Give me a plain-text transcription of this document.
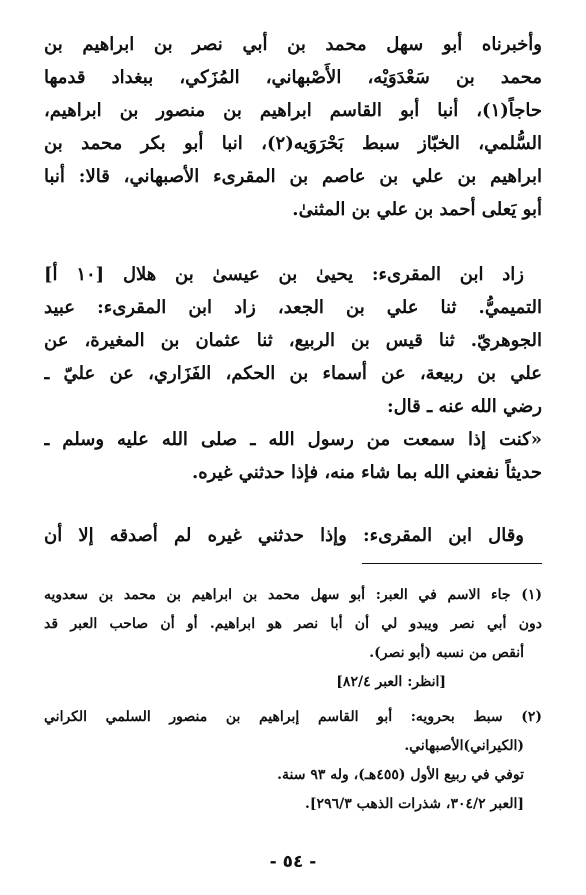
وأخبرناه أبو سهل محمد بن أبي نصر بن ابراهيم بن
محمد بن سَعْدَوَيْه، الأَصْبهاني، المُزَكي، ببغداد قدمها
حاجاً(١)، أنبا أبو القاسم ابراهيم بن منصور بن ابراهيم،
السُّلمي، الخبّاز سبط بَحْرَوَيه(٢)، انبا أبو بكر محمد بن
ابراهيم بن علي بن عاصم بن المقرىء الأصبهاني، قالا: أنبا
أبو يَعلى أحمد بن علي بن المثنىٰ.
زاد ابن المقرىء: يحيىٰ بن عيسىٰ بن هلال [١٠ أ]
التميميُّ. ثنا علي بن الجعد، زاد ابن المقرىء: عبيد
الجوهريّ. ثنا قيس بن الربيع، ثنا عثمان بن المغيرة، عن
علي بن ربيعة، عن أسماء بن الحكم، الفَزَاري، عن عليّ ـ
رضي الله عنه ـ قال:
«كنت إذا سمعت من رسول الله ـ صلى الله عليه وسلم ـ
حديثاً نفعني الله بما شاء منه، فإذا حدثني غيره.
وقال ابن المقرىء: وإذا حدثني غيره لم أصدقه إلا أن
(١) جاء الاسم في العبر: أبو سهل محمد بن ابراهيم بن محمد بن سعدويه
دون أبي نصر ويبدو لي أن أبا نصر هو ابراهيم. أو أن صاحب العبر قد
أنقص من نسبه (أبو نصر).
[انظر: العبر ٨٢/٤]
(٢) سبط بحرويه: أبو القاسم إبراهيم بن منصور السلمي الكراني
(الكيراني)الأصبهاني.
توفي في ربيع الأول (٤٥٥هـ)، وله ٩٣ سنة.
[العبر ٣٠٤/٢، شذرات الذهب ٢٩٦/٣].
- ٥٤ -
